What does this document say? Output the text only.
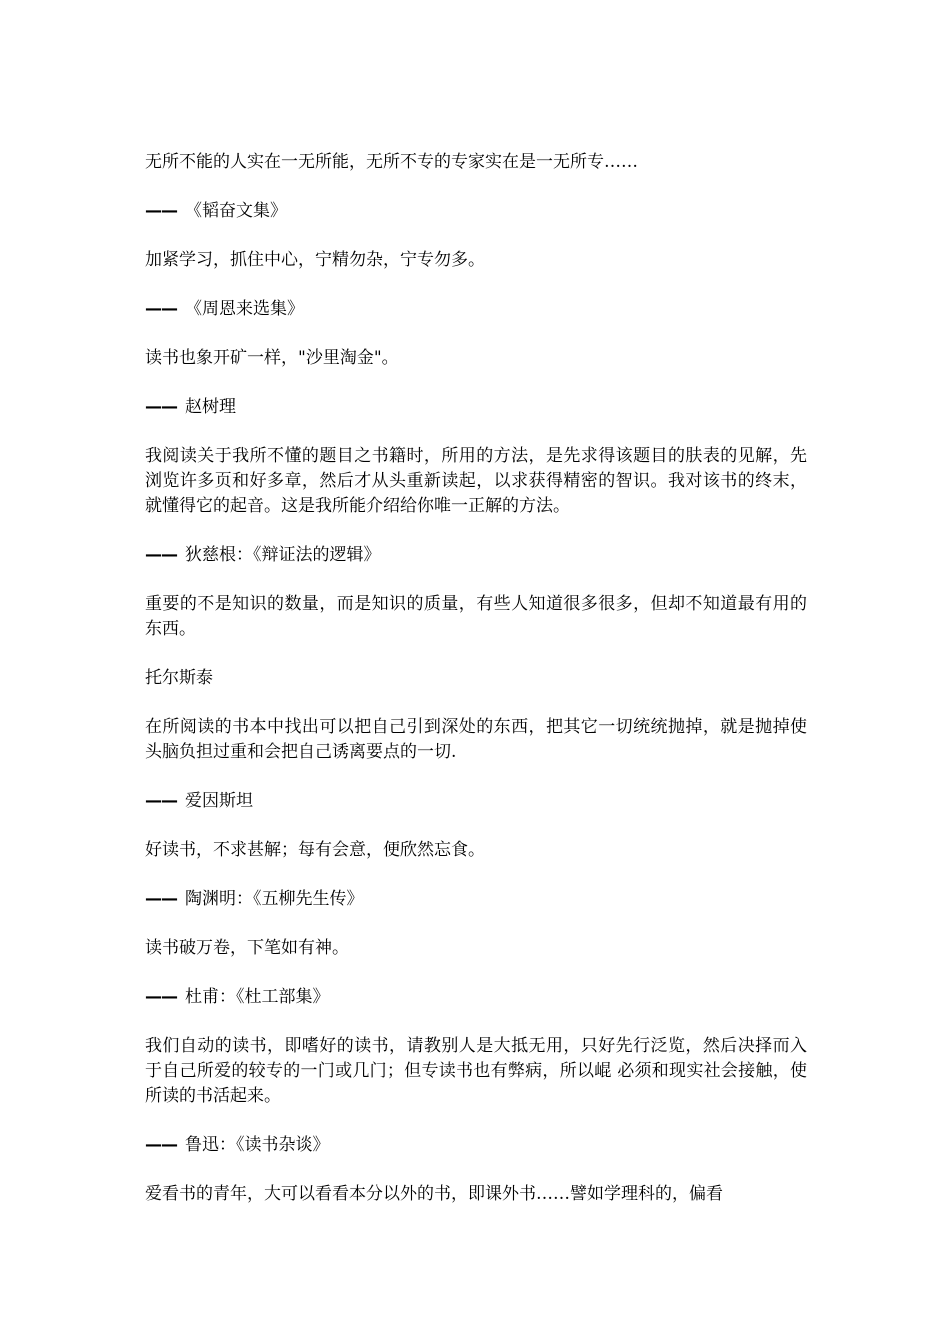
无所不能的人实在一无所能，无所不专的专家实在是一无所专……

—— 《韬奋文集》

加紧学习，抓住中心，宁精勿杂，宁专勿多。

—— 《周恩来选集》

读书也象开矿一样，"沙里淘金"。

—— 赵树理

我阅读关于我所不懂的题目之书籍时，所用的方法，是先求得该题目的肤表的见解，先浏览许多页和好多章，然后才从头重新读起，以求获得精密的智识。我对该书的终末，就懂得它的起音。这是我所能介绍给你唯一正解的方法。

—— 狄慈根：《辩证法的逻辑》

重要的不是知识的数量，而是知识的质量，有些人知道很多很多，但却不知道最有用的东西。

托尔斯泰

在所阅读的书本中找出可以把自己引到深处的东西，把其它一切统统抛掉，就是抛掉使头脑负担过重和会把自己诱离要点的一切.

—— 爱因斯坦

好读书，不求甚解；每有会意，便欣然忘食。

—— 陶渊明：《五柳先生传》

读书破万卷，下笔如有神。

—— 杜甫：《杜工部集》

我们自动的读书，即嗜好的读书，请教别人是大抵无用，只好先行泛览，然后决择而入于自己所爱的较专的一门或几门；但专读书也有弊病，所以崐 必须和现实社会接触，使所读的书活起来。

—— 鲁迅：《读书杂谈》

爱看书的青年，大可以看看本分以外的书，即课外书……譬如学理科的，偏看
